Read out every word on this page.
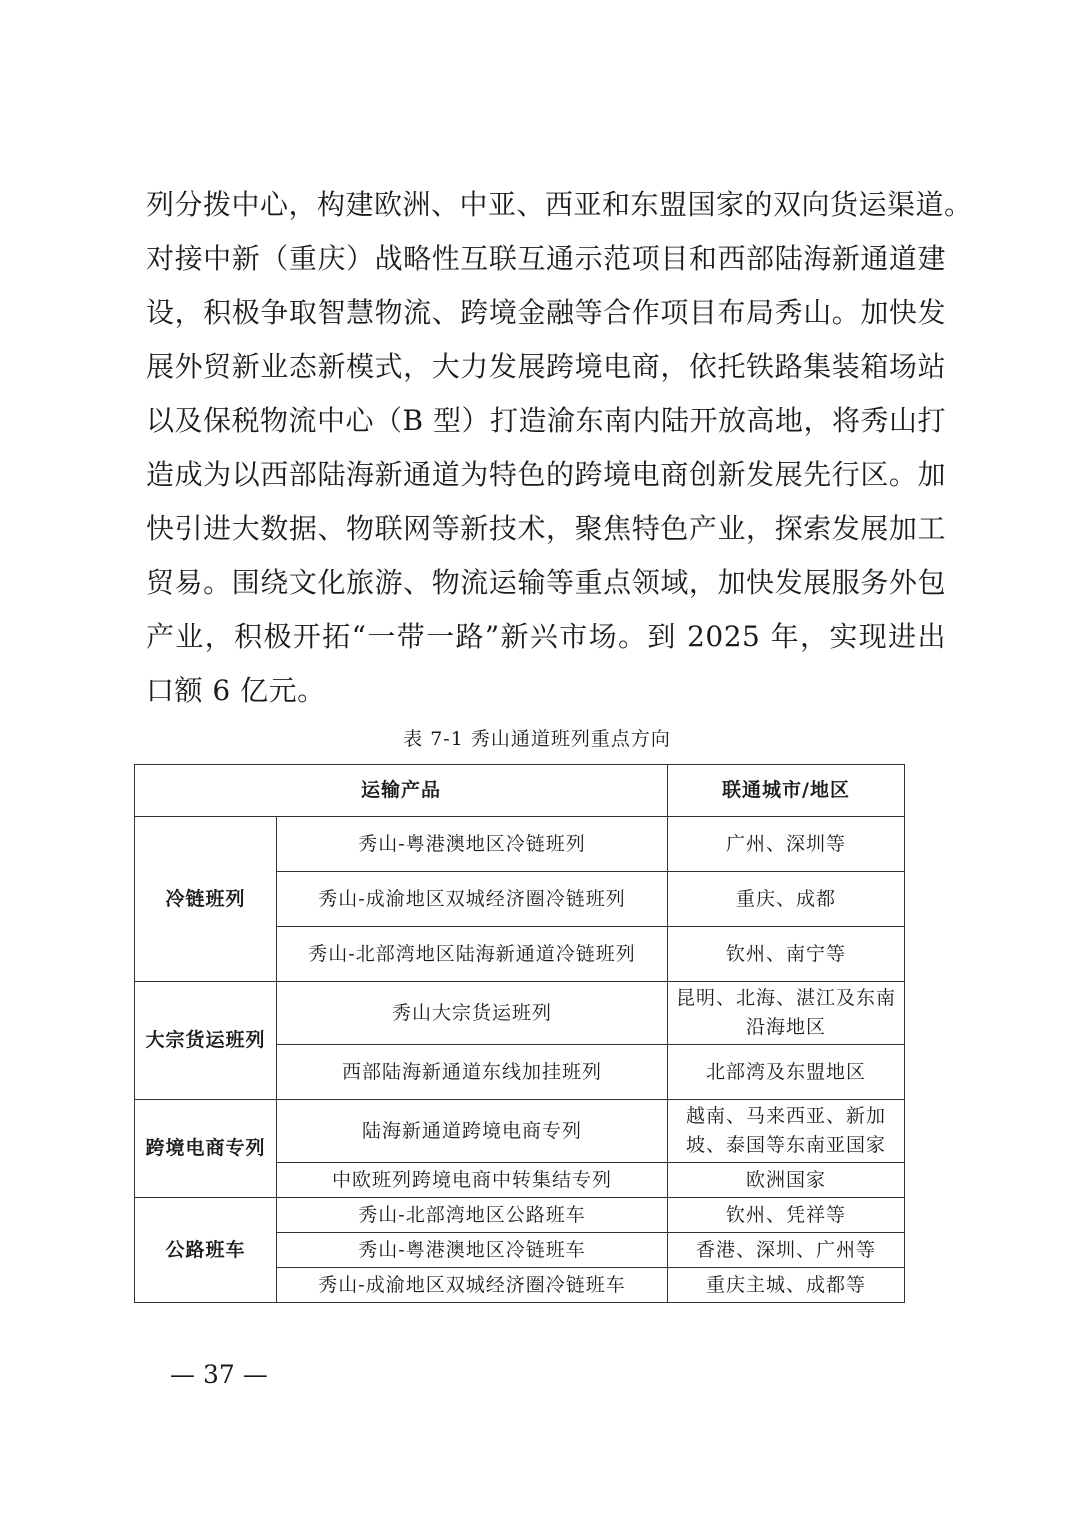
列分拨中心，构建欧洲、中亚、西亚和东盟国家的双向货运渠道。
对接中新（重庆）战略性互联互通示范项目和西部陆海新通道建
设，积极争取智慧物流、跨境金融等合作项目布局秀山。加快发
展外贸新业态新模式，大力发展跨境电商，依托铁路集装箱场站
以及保税物流中心（B 型）打造渝东南内陆开放高地，将秀山打
造成为以西部陆海新通道为特色的跨境电商创新发展先行区。加
快引进大数据、物联网等新技术，聚焦特色产业，探索发展加工
贸易。围绕文化旅游、物流运输等重点领域，加快发展服务外包
产业，积极开拓“一带一路”新兴市场。到 2025 年，实现进出
口额 6 亿元。

表 7-1 秀山通道班列重点方向

运输产品		联通城市/地区
冷链班列	秀山-粤港澳地区冷链班列	广州、深圳等
	秀山-成渝地区双城经济圈冷链班列	重庆、成都
	秀山-北部湾地区陆海新通道冷链班列	钦州、南宁等
大宗货运班列	秀山大宗货运班列	昆明、北海、湛江及东南沿海地区
	西部陆海新通道东线加挂班列	北部湾及东盟地区
跨境电商专列	陆海新通道跨境电商专列	越南、马来西亚、新加坡、泰国等东南亚国家
	中欧班列跨境电商中转集结专列	欧洲国家
公路班车	秀山-北部湾地区公路班车	钦州、凭祥等
	秀山-粤港澳地区冷链班车	香港、深圳、广州等
	秀山-成渝地区双城经济圈冷链班车	重庆主城、成都等

— 37 —
